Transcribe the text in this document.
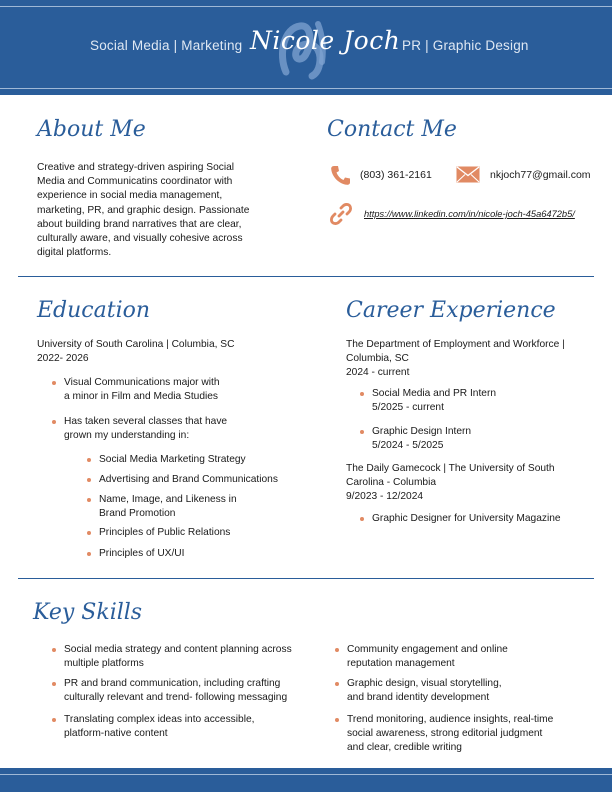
Social Media | Marketing Nicole Joch PR | Graphic Design
About Me
Creative and strategy-driven aspiring Social
Media and Communicatins coordinator with
experience in social media management,
marketing, PR, and graphic design. Passionate
about building brand narratives that are clear,
culturally aware, and visually cohesive across
digital platforms.
Contact Me
(803) 361-2161	nkjoch77@gmail.com
https://www.linkedin.com/in/nicole-joch-45a6472b5/
Education
University of South Carolina | Columbia, SC
2022- 2026
Visual Communications major with
a minor in Film and Media Studies
Has taken several classes that have
grown my understanding in:
Social Media Marketing Strategy
Advertising and Brand Communications
Name, Image, and Likeness in
Brand Promotion
Principles of Public Relations
Principles of UX/UI
Career Experience
The Department of Employment and Workforce |
Columbia, SC
2024 - current
Social Media and PR Intern
5/2025 - current
Graphic Design Intern
5/2024 - 5/2025
The Daily Gamecock | The University of South
Carolina - Columbia
9/2023 - 12/2024
Graphic Designer for University Magazine
Key Skills
Social media strategy and content planning across
multiple platforms
PR and brand communication, including crafting
culturally relevant and trend- following messaging
Translating complex ideas into accessible,
platform-native content
Community engagement and online
reputation management
Graphic design, visual storytelling,
and brand identity development
Trend monitoring, audience insights, real-time
social awareness, strong editorial judgment
and clear, credible writing
